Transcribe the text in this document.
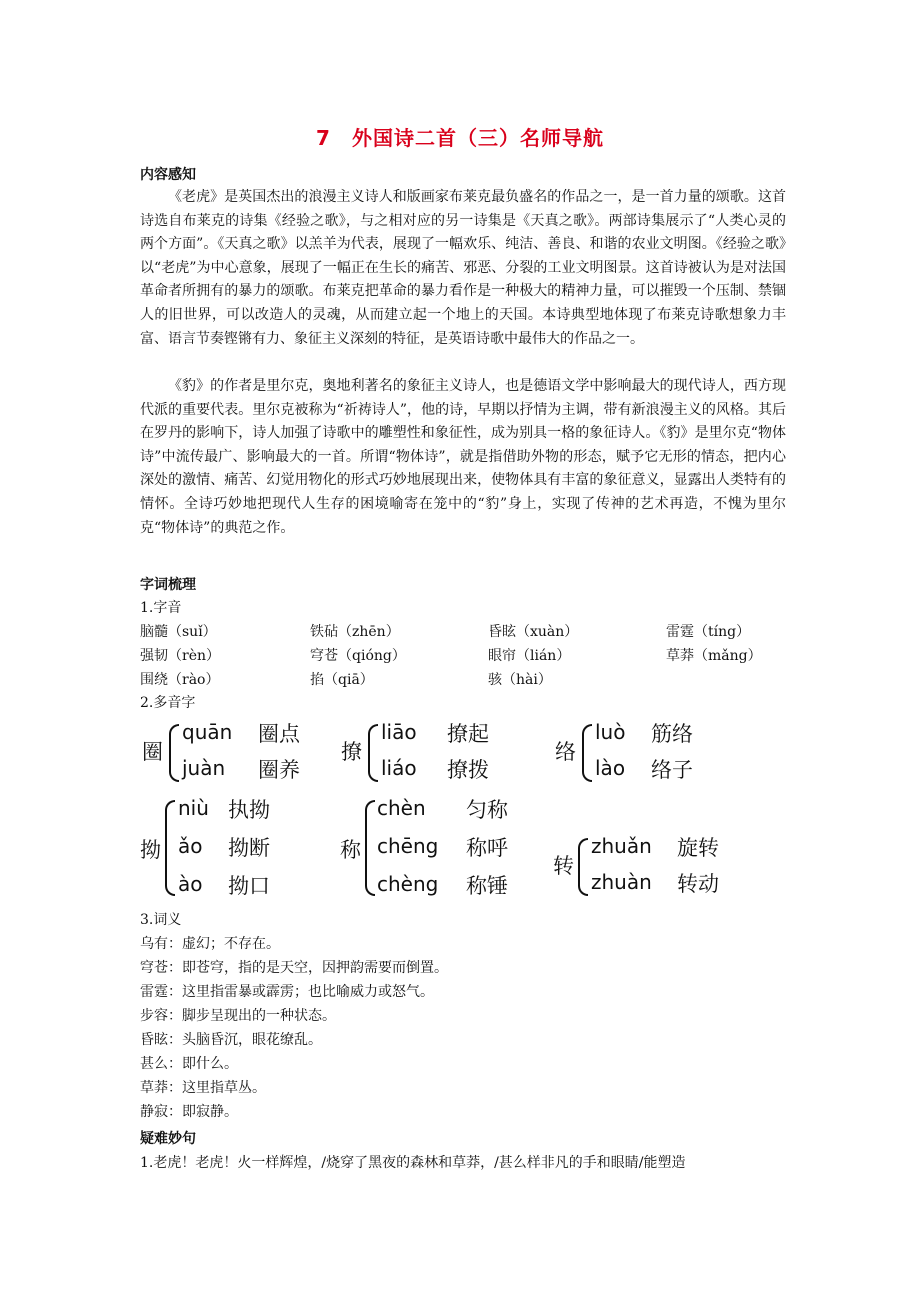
7　外国诗二首（三）名师导航
内容感知

《老虎》是英国杰出的浪漫主义诗人和版画家布莱克最负盛名的作品之一，是一首力量的颂歌。这首诗选自布莱克的诗集《经验之歌》，与之相对应的另一诗集是《天真之歌》。两部诗集展示了“人类心灵的两个方面”。《天真之歌》以羔羊为代表，展现了一幅欢乐、纯洁、善良、和谐的农业文明图。《经验之歌》以“老虎”为中心意象，展现了一幅正在生长的痛苦、邪恶、分裂的工业文明图景。这首诗被认为是对法国革命者所拥有的暴力的颂歌。布莱克把革命的暴力看作是一种极大的精神力量，可以摧毁一个压制、禁锢人的旧世界，可以改造人的灵魂，从而建立起一个地上的天国。本诗典型地体现了布莱克诗歌想象力丰富、语言节奏铿锵有力、象征主义深刻的特征，是英语诗歌中最伟大的作品之一。

《豹》的作者是里尔克，奥地利著名的象征主义诗人，也是德语文学中影响最大的现代诗人，西方现代派的重要代表。里尔克被称为“祈祷诗人”，他的诗，早期以抒情为主调，带有新浪漫主义的风格。其后在罗丹的影响下，诗人加强了诗歌中的雕塑性和象征性，成为别具一格的象征诗人。《豹》是里尔克“物体诗”中流传最广、影响最大的一首。所谓“物体诗”，就是指借助外物的形态，赋予它无形的情态，把内心深处的激情、痛苦、幻觉用物化的形式巧妙地展现出来，使物体具有丰富的象征意义，显露出人类特有的情怀。全诗巧妙地把现代人生存的困境喻寄在笼中的“豹”身上，实现了传神的艺术再造，不愧为里尔克“物体诗”的典范之作。

字词梳理
1.字音
脑髓（suǐ）	铁砧（zhēn）	昏眩（xuàn）	雷霆（tíng）
强韧（rèn）	穹苍（qióng）	眼帘（lián）	草莽（mǎng）
围绕（rào）	掐（qiā）	骇（hài）
2.多音字
圈
quān 圈点
juàn 圈养
撩
liāo 撩起
liáo 撩拨
络
luò 筋络
lào 络子
拗
niù 执拗
ǎo 拗断
ào 拗口
称
chèn 匀称
chēng 称呼
chèng 称锤
转
zhuǎn 旋转
zhuàn 转动
3.词义
乌有：虚幻；不存在。
穹苍：即苍穹，指的是天空，因押韵需要而倒置。
雷霆：这里指雷暴或霹雳；也比喻威力或怒气。
步容：脚步呈现出的一种状态。
昏眩：头脑昏沉，眼花缭乱。
甚么：即什么。
草莽：这里指草丛。
静寂：即寂静。
疑难妙句
1.老虎！老虎！火一样辉煌，/烧穿了黑夜的森林和草莽，/甚么样非凡的手和眼睛/能塑造
